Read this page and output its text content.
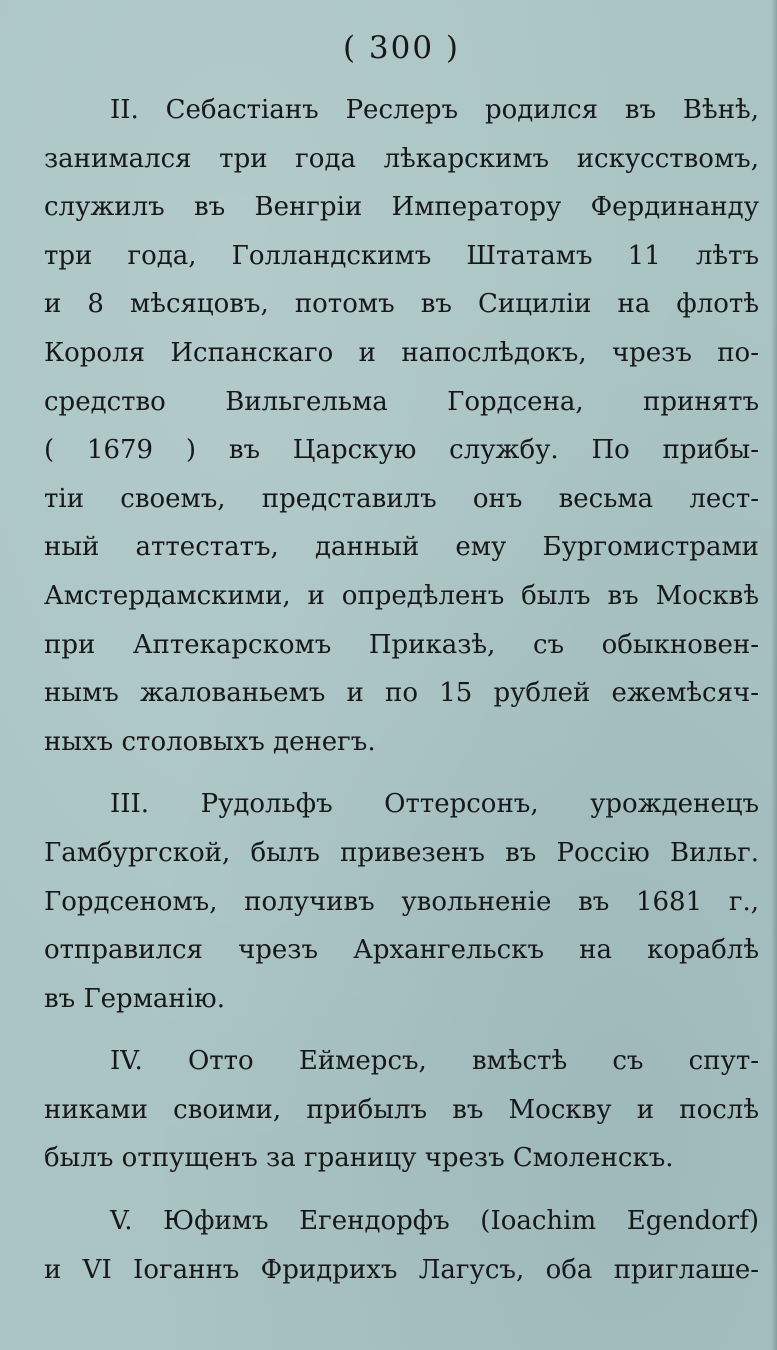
( 300 )
II. Себастіанъ Реслеръ родился въ Вѣнѣ,
занимался три года лѣкарскимъ искусствомъ,
служилъ въ Венгріи Императору Фердинанду
три года, Голландскимъ Штатамъ 11 лѣтъ
и 8 мѣсяцовъ, потомъ въ Сициліи на флотѣ
Короля Испанскаго и напослѣдокъ, чрезъ по-
средство Вильгельма Гордсена, принятъ
( 1679 ) въ Царскую службу. По прибы-
тіи своемъ, представилъ онъ весьма лест-
ный аттестатъ, данный ему Бургомистрами
Амстердамскими, и опредѣленъ былъ въ Москвѣ
при Аптекарскомъ Приказѣ, съ обыкновен-
нымъ жалованьемъ и по 15 рублей ежемѣсяч-
ныхъ столовыхъ денегъ.
III. Рудольфъ Оттерсонъ, урожденецъ
Гамбургской, былъ привезенъ въ Россію Вильг.
Гордсеномъ, получивъ увольненіе въ 1681 г.,
отправился чрезъ Архангельскъ на кораблѣ
въ Германію.
IV. Отто Еймерсъ, вмѣстѣ съ спут-
никами своими, прибылъ въ Москву и послѣ
былъ отпущенъ за границу чрезъ Смоленскъ.
V. Юфимъ Егендорфъ (Ioachim Egendorf)
и VI Іоганнъ Фридрихъ Лагусъ, оба приглаше-
